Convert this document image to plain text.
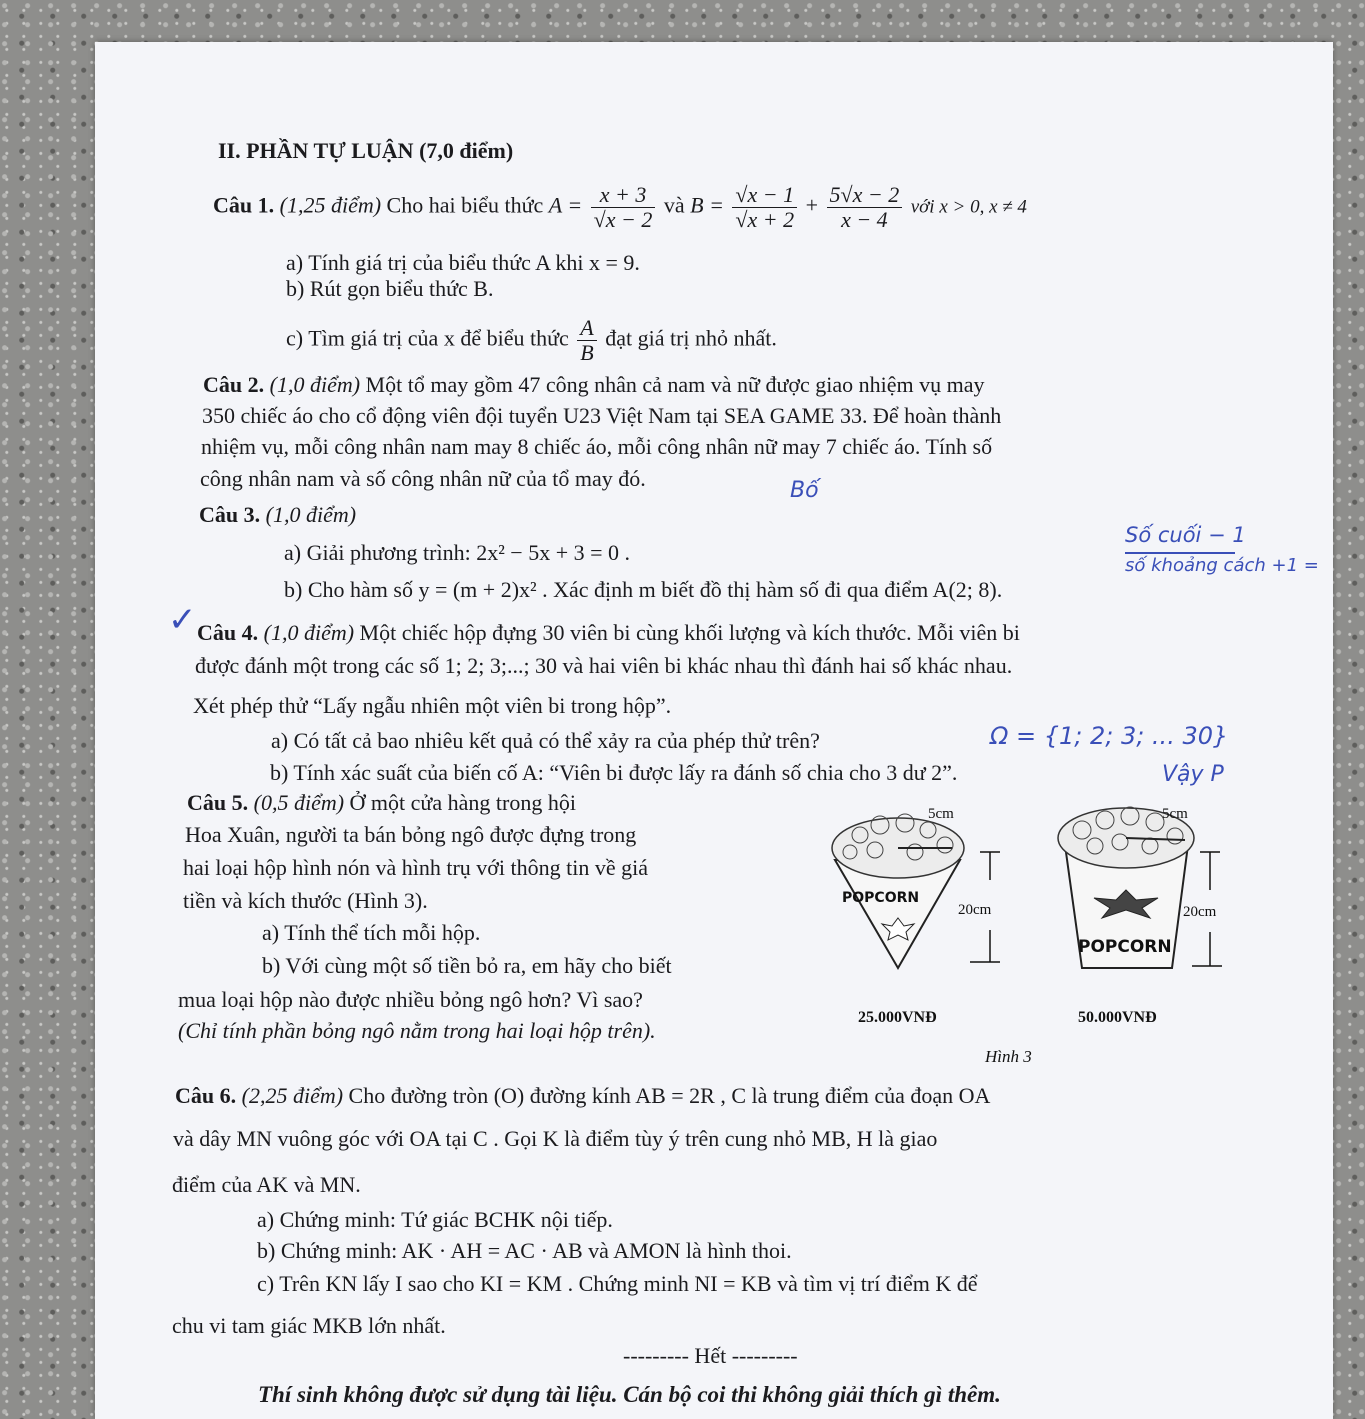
II. PHẦN TỰ LUẬN (7,0 điểm)
Câu 1. (1,25 điểm) Cho hai biểu thức $A = \frac{x + 3}{√x - 2}$ và $B = \frac{√x - 1}{√x + 2} + \frac{5√x - 2}{x - 4}$ với x > 0, x ≠ 4
a) Tính giá trị của biểu thức A khi x = 9.
b) Rút gọn biểu thức B.
c) Tìm giá trị của x để biểu thức $\frac{A}{B}$ đạt giá trị nhỏ nhất.
Câu 2. (1,0 điểm) Một tổ may gồm 47 công nhân cả nam và nữ được giao nhiệm vụ may
350 chiếc áo cho cổ động viên đội tuyển U23 Việt Nam tại SEA GAME 33. Để hoàn thành
nhiệm vụ, mỗi công nhân nam may 8 chiếc áo, mỗi công nhân nữ may 7 chiếc áo. Tính số
công nhân nam và số công nhân nữ của tổ may đó.	Bố
Câu 3. (1,0 điểm)
a) Giải phương trình: 2x² − 5x + 3 = 0 .
b) Cho hàm số y = (m + 2)x² . Xác định m biết đồ thị hàm số đi qua điểm A(2; 8).
Số cuối − 1
số khoảng cách +1 =
✓ Câu 4. (1,0 điểm) Một chiếc hộp đựng 30 viên bi cùng khối lượng và kích thước. Mỗi viên bi
được đánh một trong các số 1; 2; 3;...; 30 và hai viên bi khác nhau thì đánh hai số khác nhau.
Xét phép thử “Lấy ngẫu nhiên một viên bi trong hộp”.
a) Có tất cả bao nhiêu kết quả có thể xảy ra của phép thử trên?
b) Tính xác suất của biến cố A: “Viên bi được lấy ra đánh số chia cho 3 dư 2”.
Ω = {1; 2; 3; ... 30}
Vậy P
Câu 5. (0,5 điểm) Ở một cửa hàng trong hội
Hoa Xuân, người ta bán bỏng ngô được đựng trong
hai loại hộp hình nón và hình trụ với thông tin về giá
tiền và kích thước (Hình 3).
a) Tính thể tích mỗi hộp.
b) Với cùng một số tiền bỏ ra, em hãy cho biết
mua loại hộp nào được nhiều bỏng ngô hơn? Vì sao?
(Chỉ tính phần bỏng ngô nằm trong hai loại hộp trên).
POPCORN
5cm
20cm
POPCORN
5cm
20cm
25.000VNĐ	50.000VNĐ
Hình 3
Câu 6. (2,25 điểm) Cho đường tròn (O) đường kính AB = 2R , C là trung điểm của đoạn OA
và dây MN vuông góc với OA tại C . Gọi K là điểm tùy ý trên cung nhỏ MB, H là giao
điểm của AK và MN.
a) Chứng minh: Tứ giác BCHK nội tiếp.
b) Chứng minh: AK · AH = AC · AB và AMON là hình thoi.
c) Trên KN lấy I sao cho KI = KM . Chứng minh NI = KB và tìm vị trí điểm K để
chu vi tam giác MKB lớn nhất.
--------- Hết ---------
Thí sinh không được sử dụng tài liệu. Cán bộ coi thi không giải thích gì thêm.
